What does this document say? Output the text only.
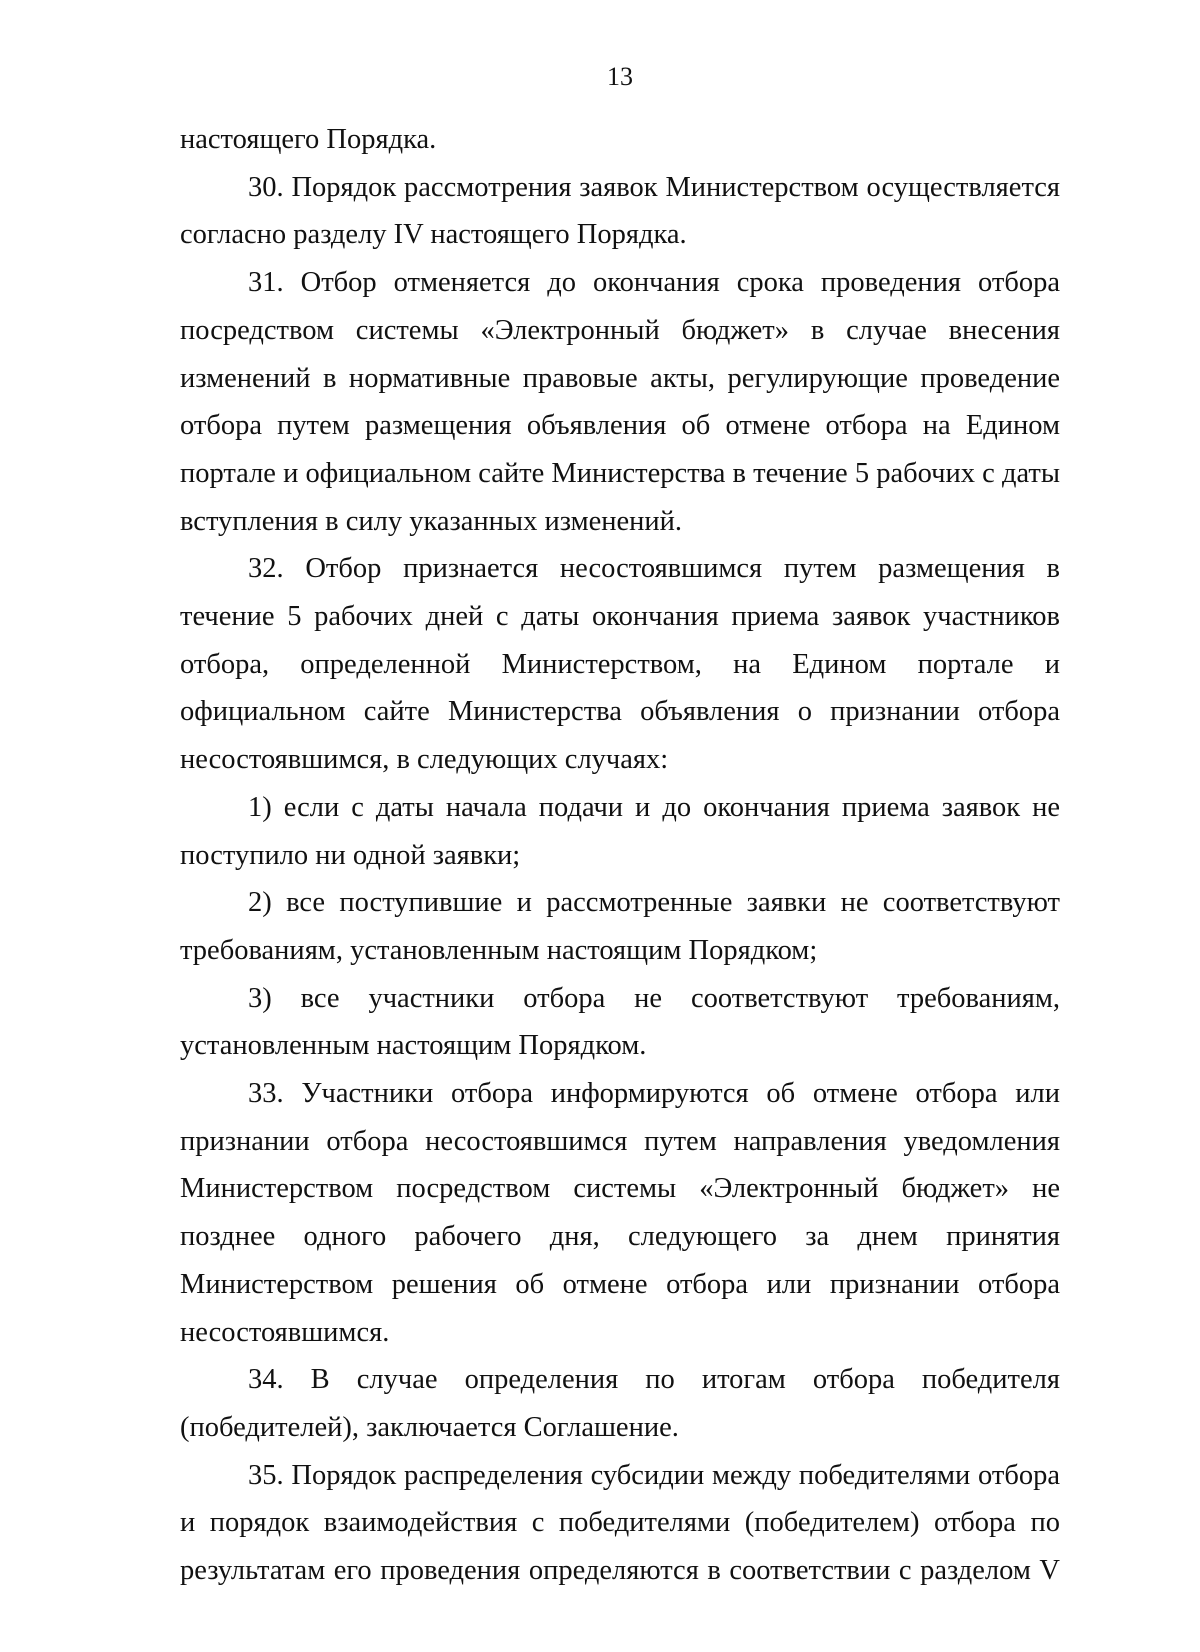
13

настоящего Порядка.

30. Порядок рассмотрения заявок Министерством осуществляется согласно разделу IV настоящего Порядка.

31. Отбор отменяется до окончания срока проведения отбора посредством системы «Электронный бюджет» в случае внесения изменений в нормативные правовые акты, регулирующие проведение отбора путем размещения объявления об отмене отбора на Едином портале и официальном сайте Министерства в течение 5 рабочих с даты вступления в силу указанных изменений.

32. Отбор признается несостоявшимся путем размещения в течение 5 рабочих дней с даты окончания приема заявок участников отбора, определенной Министерством, на Едином портале и официальном сайте Министерства объявления о признании отбора несостоявшимся, в следующих случаях:

1) если с даты начала подачи и до окончания приема заявок не поступило ни одной заявки;

2) все поступившие и рассмотренные заявки не соответствуют требованиям, установленным настоящим Порядком;

3) все участники отбора не соответствуют требованиям, установленным настоящим Порядком.

33. Участники отбора информируются об отмене отбора или признании отбора несостоявшимся путем направления уведомления Министерством посредством системы «Электронный бюджет» не позднее одного рабочего дня, следующего за днем принятия Министерством решения об отмене отбора или признании отбора несостоявшимся.

34. В случае определения по итогам отбора победителя (победителей), заключается Соглашение.

35. Порядок распределения субсидии между победителями отбора и порядок взаимодействия с победителями (победителем) отбора по результатам его проведения определяются в соответствии с разделом V
